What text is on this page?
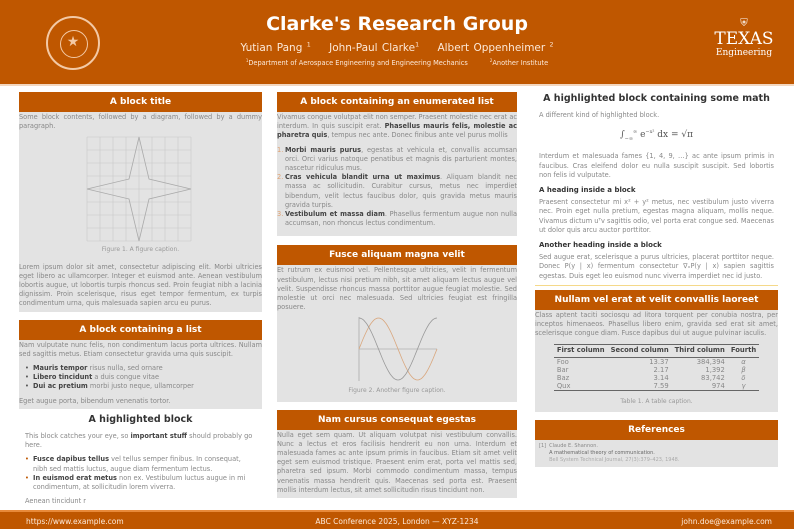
★
Clarke's Research Group
Yutian Pang $^1$ John-Paul Clarke$^1$ Albert Oppenheimer $^2$
$^1$Department of Aerospace Engineering and Engineering Mechanics	$^2$Another Institute
⛨
TEXAS
Engineering
A block title
Some block contents, followed by a diagram, followed by a dummy paragraph.
Figure 1. A figure caption.
Lorem ipsum dolor sit amet, consectetur adipiscing elit. Morbi ultricies eget libero ac ullamcorper. Integer et euismod ante. Aenean vestibulum lobortis augue, ut lobortis turpis rhoncus sed. Proin feugiat nibh a lacinia dignissim. Proin scelerisque, risus eget tempor fermentum, ex turpis condimentum urna, quis malesuada sapien arcu eu purus.
A block containing a list
Nam vulputate nunc felis, non condimentum lacus porta ultrices. Nullam sed sagittis metus. Etiam consectetur gravida urna quis suscipit.
• Mauris tempor risus nulla, sed ornare
• Libero tincidunt a duis congue vitae
• Dui ac pretium morbi justo neque, ullamcorper
Eget augue porta, bibendum venenatis tortor.
A highlighted block
This block catches your eye, so important stuff should probably go here.
• Fusce dapibus tellus vel tellus semper finibus. In consequat, nibh sed mattis luctus, augue diam fermentum lectus.
• In euismod erat metus non ex. Vestibulum luctus augue in mi condimentum, at sollicitudin lorem viverra.
Aenean tincidunt r
A block containing an enumerated list
Vivamus congue volutpat elit non semper. Praesent molestie nec erat ac interdum. In quis suscipit erat. Phasellus mauris felis, molestie ac pharetra quis, tempus nec ante. Donec finibus ante vel purus mollis
1. Morbi mauris purus, egestas at vehicula et, convallis accumsan orci. Orci varius natoque penatibus et magnis dis parturient montes, nascetur ridiculus mus.
2. Cras vehicula blandit urna ut maximus. Aliquam blandit nec massa ac sollicitudin. Curabitur cursus, metus nec imperdiet bibendum, velit lectus faucibus dolor, quis gravida metus mauris gravida turpis.
3. Vestibulum et massa diam. Phasellus fermentum augue non nulla accumsan, non rhoncus lectus condimentum.
Fusce aliquam magna velit
Et rutrum ex euismod vel. Pellentesque ultricies, velit in fermentum vestibulum, lectus nisi pretium nibh, sit amet aliquam lectus augue vel velit. Suspendisse rhoncus massa porttitor augue feugiat molestie. Sed molestie ut orci nec malesuada. Sed ultricies feugiat est fringilla posuere.
Figure 2. Another figure caption.
Nam cursus consequat egestas
Nulla eget sem quam. Ut aliquam volutpat nisi vestibulum convallis. Nunc a lectus et eros facilisis hendrerit eu non urna. Interdum et malesuada fames ac ante ipsum primis in faucibus. Etiam sit amet velit eget sem euismod tristique. Praesent enim erat, porta vel mattis sed, pharetra sed ipsum. Morbi commodo condimentum massa, tempus venenatis massa hendrerit quis. Maecenas sed porta est. Praesent mollis interdum lectus, sit amet sollicitudin risus tincidunt non.
A highlighted block containing some math
A different kind of highlighted block.
$\int_{-\infty}^\infty$ $e^{-x^2}$ dx = √π
Interdum et malesuada fames {1, 4, 9, …} ac ante ipsum primis in faucibus. Cras eleifend dolor eu nulla suscipit suscipit. Sed lobortis non felis id vulputate.
A heading inside a block
Praesent consectetur mi x² + y² metus, nec vestibulum justo viverra nec. Proin eget nulla pretium, egestas magna aliquam, mollis neque. Vivamus dictum uᵀv sagittis odio, vel porta erat congue sed. Maecenas ut dolor quis arcu auctor porttitor.
Another heading inside a block
Sed augue erat, scelerisque a purus ultricies, placerat porttitor neque. Donec P(y | x) fermentum consectetur ∇ₓP(y | x) sapien sagittis egestas. Duis eget leo euismod nunc viverra imperdiet nec id justo.
Nullam vel erat at velit convallis laoreet
Class aptent taciti sociosqu ad litora torquent per conubia nostra, per inceptos himenaeos. Phasellus libero enim, gravida sed erat sit amet, scelerisque congue diam. Fusce dapibus dui ut augue pulvinar iaculis.
First column	Second column	Third column	Fourth
Foo	13.37	384,394	α
Bar	2.17	1,392	β
Baz	3.14	83,742	δ
Qux	7.59	974	γ
Table 1. A table caption.
References
[1] Claude E. Shannon.
A mathematical theory of communication.
Bell System Technical Journal, 27(3):379–423, 1948.
https://www.example.com	ABC Conference 2025, London — XYZ-1234	john.doe@example.com
